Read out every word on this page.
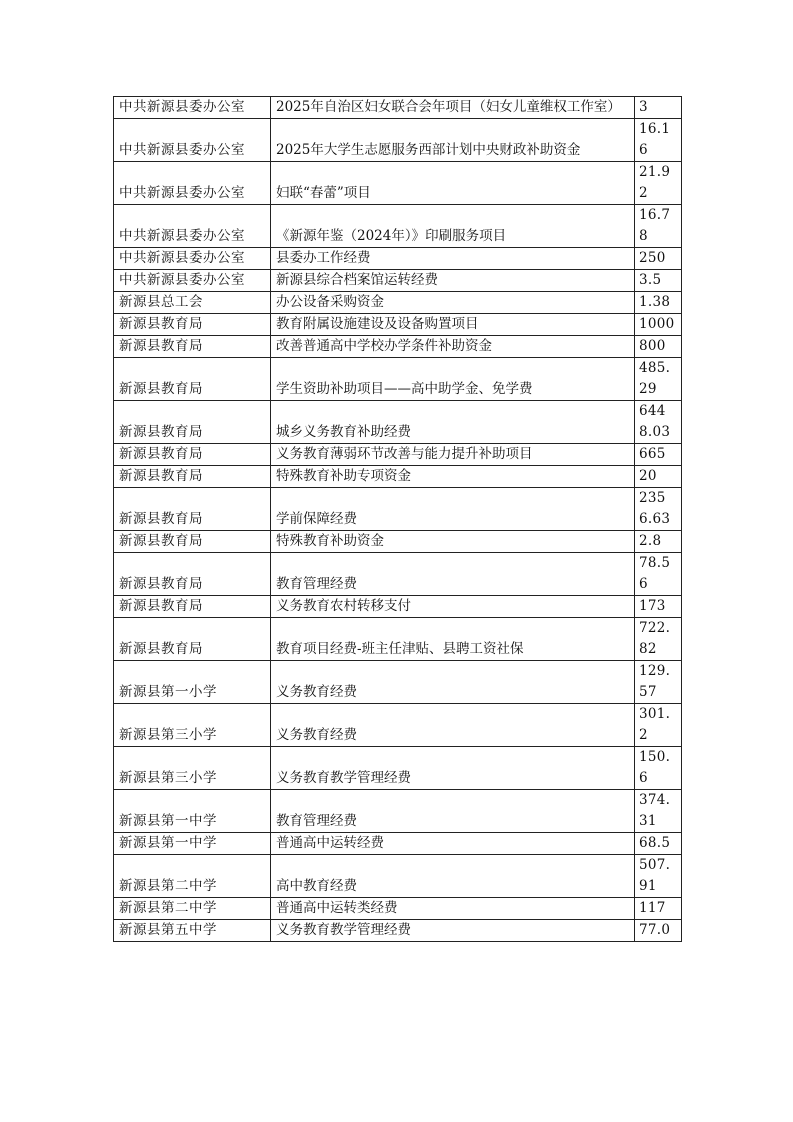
中共新源县委办公室	2025年自治区妇女联合会年项目（妇女儿童维权工作室）	3
中共新源县委办公室	2025年大学生志愿服务西部计划中央财政补助资金	16.16
中共新源县委办公室	妇联“春蕾”项目	21.92
中共新源县委办公室	《新源年鉴（2024年）》印刷服务项目	16.78
中共新源县委办公室	县委办工作经费	250
中共新源县委办公室	新源县综合档案馆运转经费	3.5
新源县总工会	办公设备采购资金	1.38
新源县教育局	教育附属设施建设及设备购置项目	1000
新源县教育局	改善普通高中学校办学条件补助资金	800
新源县教育局	学生资助补助项目——高中助学金、免学费	485.29
新源县教育局	城乡义务教育补助经费	6448.03
新源县教育局	义务教育薄弱环节改善与能力提升补助项目	665
新源县教育局	特殊教育补助专项资金	20
新源县教育局	学前保障经费	2356.63
新源县教育局	特殊教育补助资金	2.8
新源县教育局	教育管理经费	78.56
新源县教育局	义务教育农村转移支付	173
新源县教育局	教育项目经费-班主任津贴、县聘工资社保	722.82
新源县第一小学	义务教育经费	129.57
新源县第三小学	义务教育经费	301.2
新源县第三小学	义务教育教学管理经费	150.6
新源县第一中学	教育管理经费	374.31
新源县第一中学	普通高中运转经费	68.5
新源县第二中学	高中教育经费	507.91
新源县第二中学	普通高中运转类经费	117
新源县第五中学	义务教育教学管理经费	77.0
